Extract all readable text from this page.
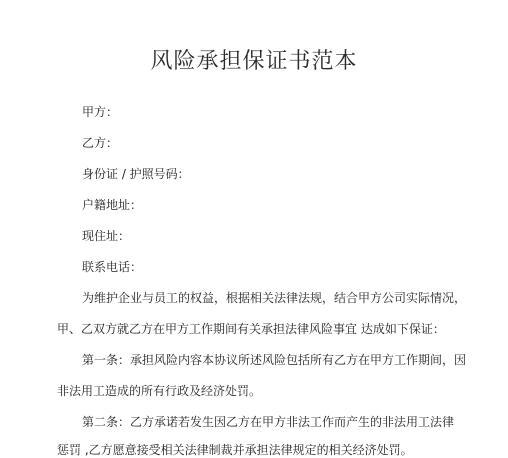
风险承担保证书范本
甲方：
乙方：
身份证 / 护照号码：
户籍地址：
现住址：
联系电话：
为维护企业与员工的权益，根据相关法律法规，结合甲方公司实际情况，
甲、乙双方就乙方在甲方工作期间有关承担法律风险事宜 达成如下保证：
第一条：承担风险内容本协议所述风险包括所有乙方在甲方工作期间，因
非法用工造成的所有行政及经济处罚。
第二条：乙方承诺若发生因乙方在甲方非法工作而产生的非法用工法律
惩罚 ,乙方愿意接受相关法律制裁并承担法律规定的相关经济处罚。
